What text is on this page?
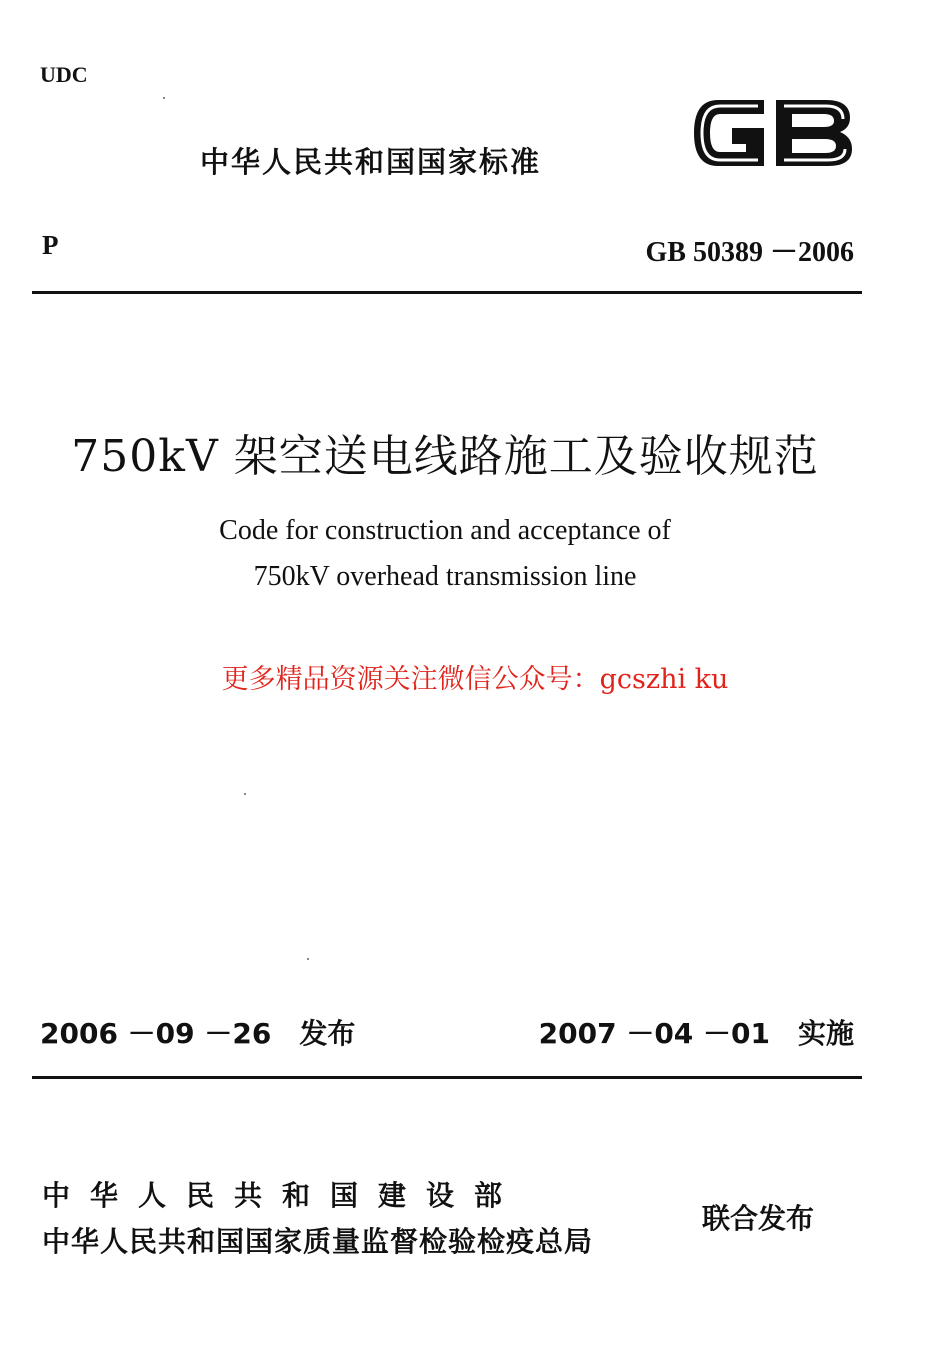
UDC
中华人民共和国国家标准
P	GB 50389 －2006
750kV 架空送电线路施工及验收规范
Code for construction and acceptance of
750kV overhead transmission line
更多精品资源关注微信公众号：gcszhi ku
2006 －09 －26　发布	2007 －04 －01　实施
中华人民共和国建设部
中华人民共和国国家质量监督检验检疫总局
联合发布
